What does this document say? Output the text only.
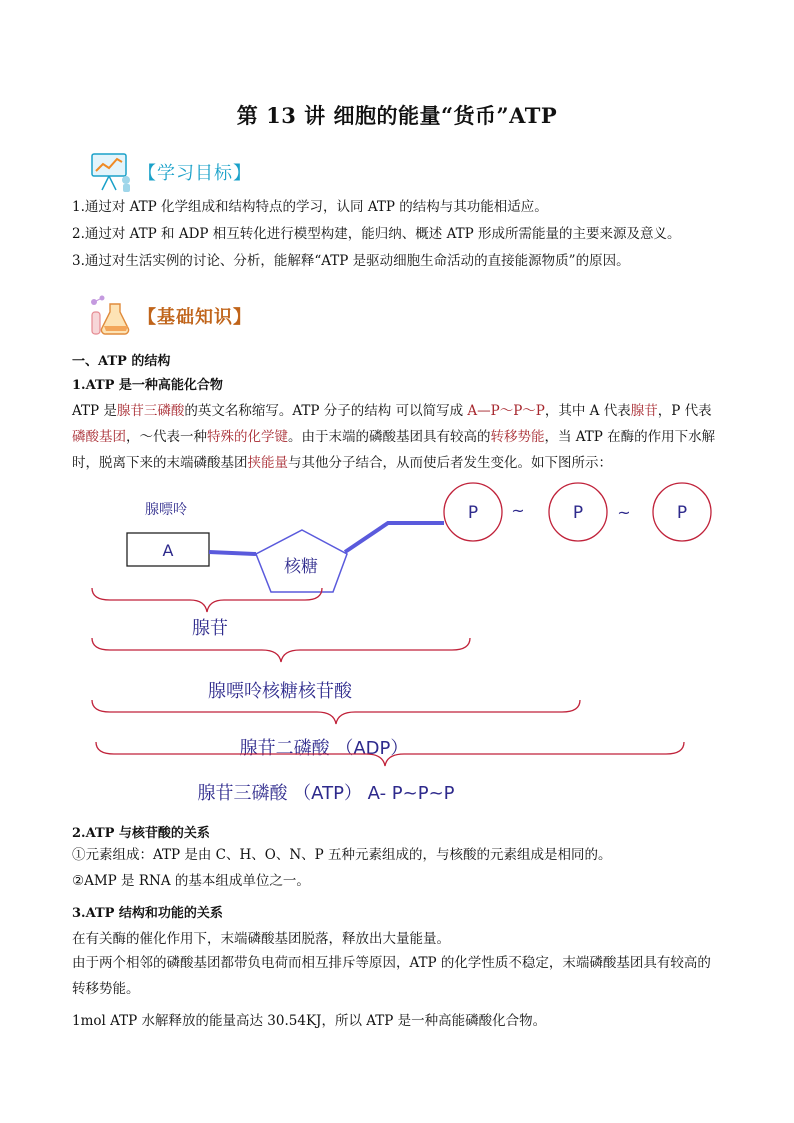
第 13 讲 细胞的能量“货币”ATP
【学习目标】
1.通过对 ATP 化学组成和结构特点的学习，认同 ATP 的结构与其功能相适应。
2.通过对 ATP 和 ADP 相互转化进行模型构建，能归纳、概述 ATP 形成所需能量的主要来源及意义。
3.通过对生活实例的讨论、分析，能解释“ATP 是驱动细胞生命活动的直接能源物质”的原因。
【基础知识】
一、ATP 的结构
1.ATP 是一种高能化合物
ATP 是腺苷三磷酸的英文名称缩写。ATP 分子的结构 可以简写成 A—P～P～P，其中 A 代表腺苷，P 代表磷酸基团，～代表一种特殊的化学键。由于末端的磷酸基团具有较高的转移势能，当 ATP 在酶的作用下水解时，脱离下来的末端磷酸基团挟能量与其他分子结合，从而使后者发生变化。如下图所示：
腺嘌呤
A
核糖
P ~	P ~	P
腺苷
腺嘌呤核糖核苷酸
腺苷二磷酸 （ADP）
腺苷三磷酸 （ATP） A- P~P~P
2.ATP 与核苷酸的关系
①元素组成：ATP 是由 C、H、O、N、P 五种元素组成的，与核酸的元素组成是相同的。
②AMP 是 RNA 的基本组成单位之一。
3.ATP 结构和功能的关系
在有关酶的催化作用下，末端磷酸基团脱落，释放出大量能量。
由于两个相邻的磷酸基团都带负电荷而相互排斥等原因，ATP 的化学性质不稳定，末端磷酸基团具有较高的转移势能。
1mol ATP 水解释放的能量高达 30.54KJ，所以 ATP 是一种高能磷酸化合物。
